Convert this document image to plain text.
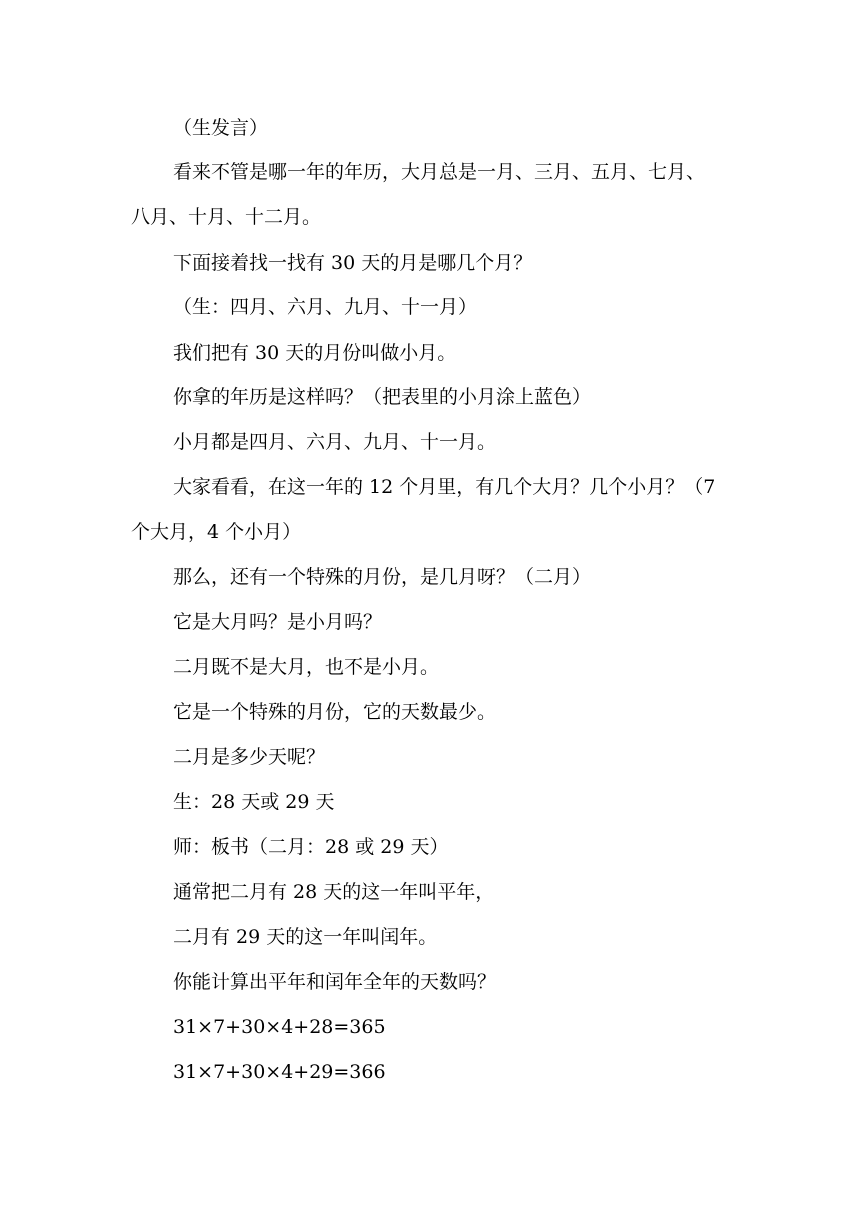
（生发言）
看来不管是哪一年的年历，大月总是一月、三月、五月、七月、
八月、十月、十二月。
下面接着找一找有 30 天的月是哪几个月？
（生：四月、六月、九月、十一月）
我们把有 30 天的月份叫做小月。
你拿的年历是这样吗？（把表里的小月涂上蓝色）
小月都是四月、六月、九月、十一月。
大家看看，在这一年的 12 个月里，有几个大月？几个小月？（7
个大月，4 个小月）
那么，还有一个特殊的月份，是几月呀？（二月）
它是大月吗？是小月吗？
二月既不是大月，也不是小月。
它是一个特殊的月份，它的天数最少。
二月是多少天呢？
生：28 天或 29 天
师：板书（二月：28 或 29 天）
通常把二月有 28 天的这一年叫平年，
二月有 29 天的这一年叫闰年。
你能计算出平年和闰年全年的天数吗？
31×7+30×4+28=365
31×7+30×4+29=366
